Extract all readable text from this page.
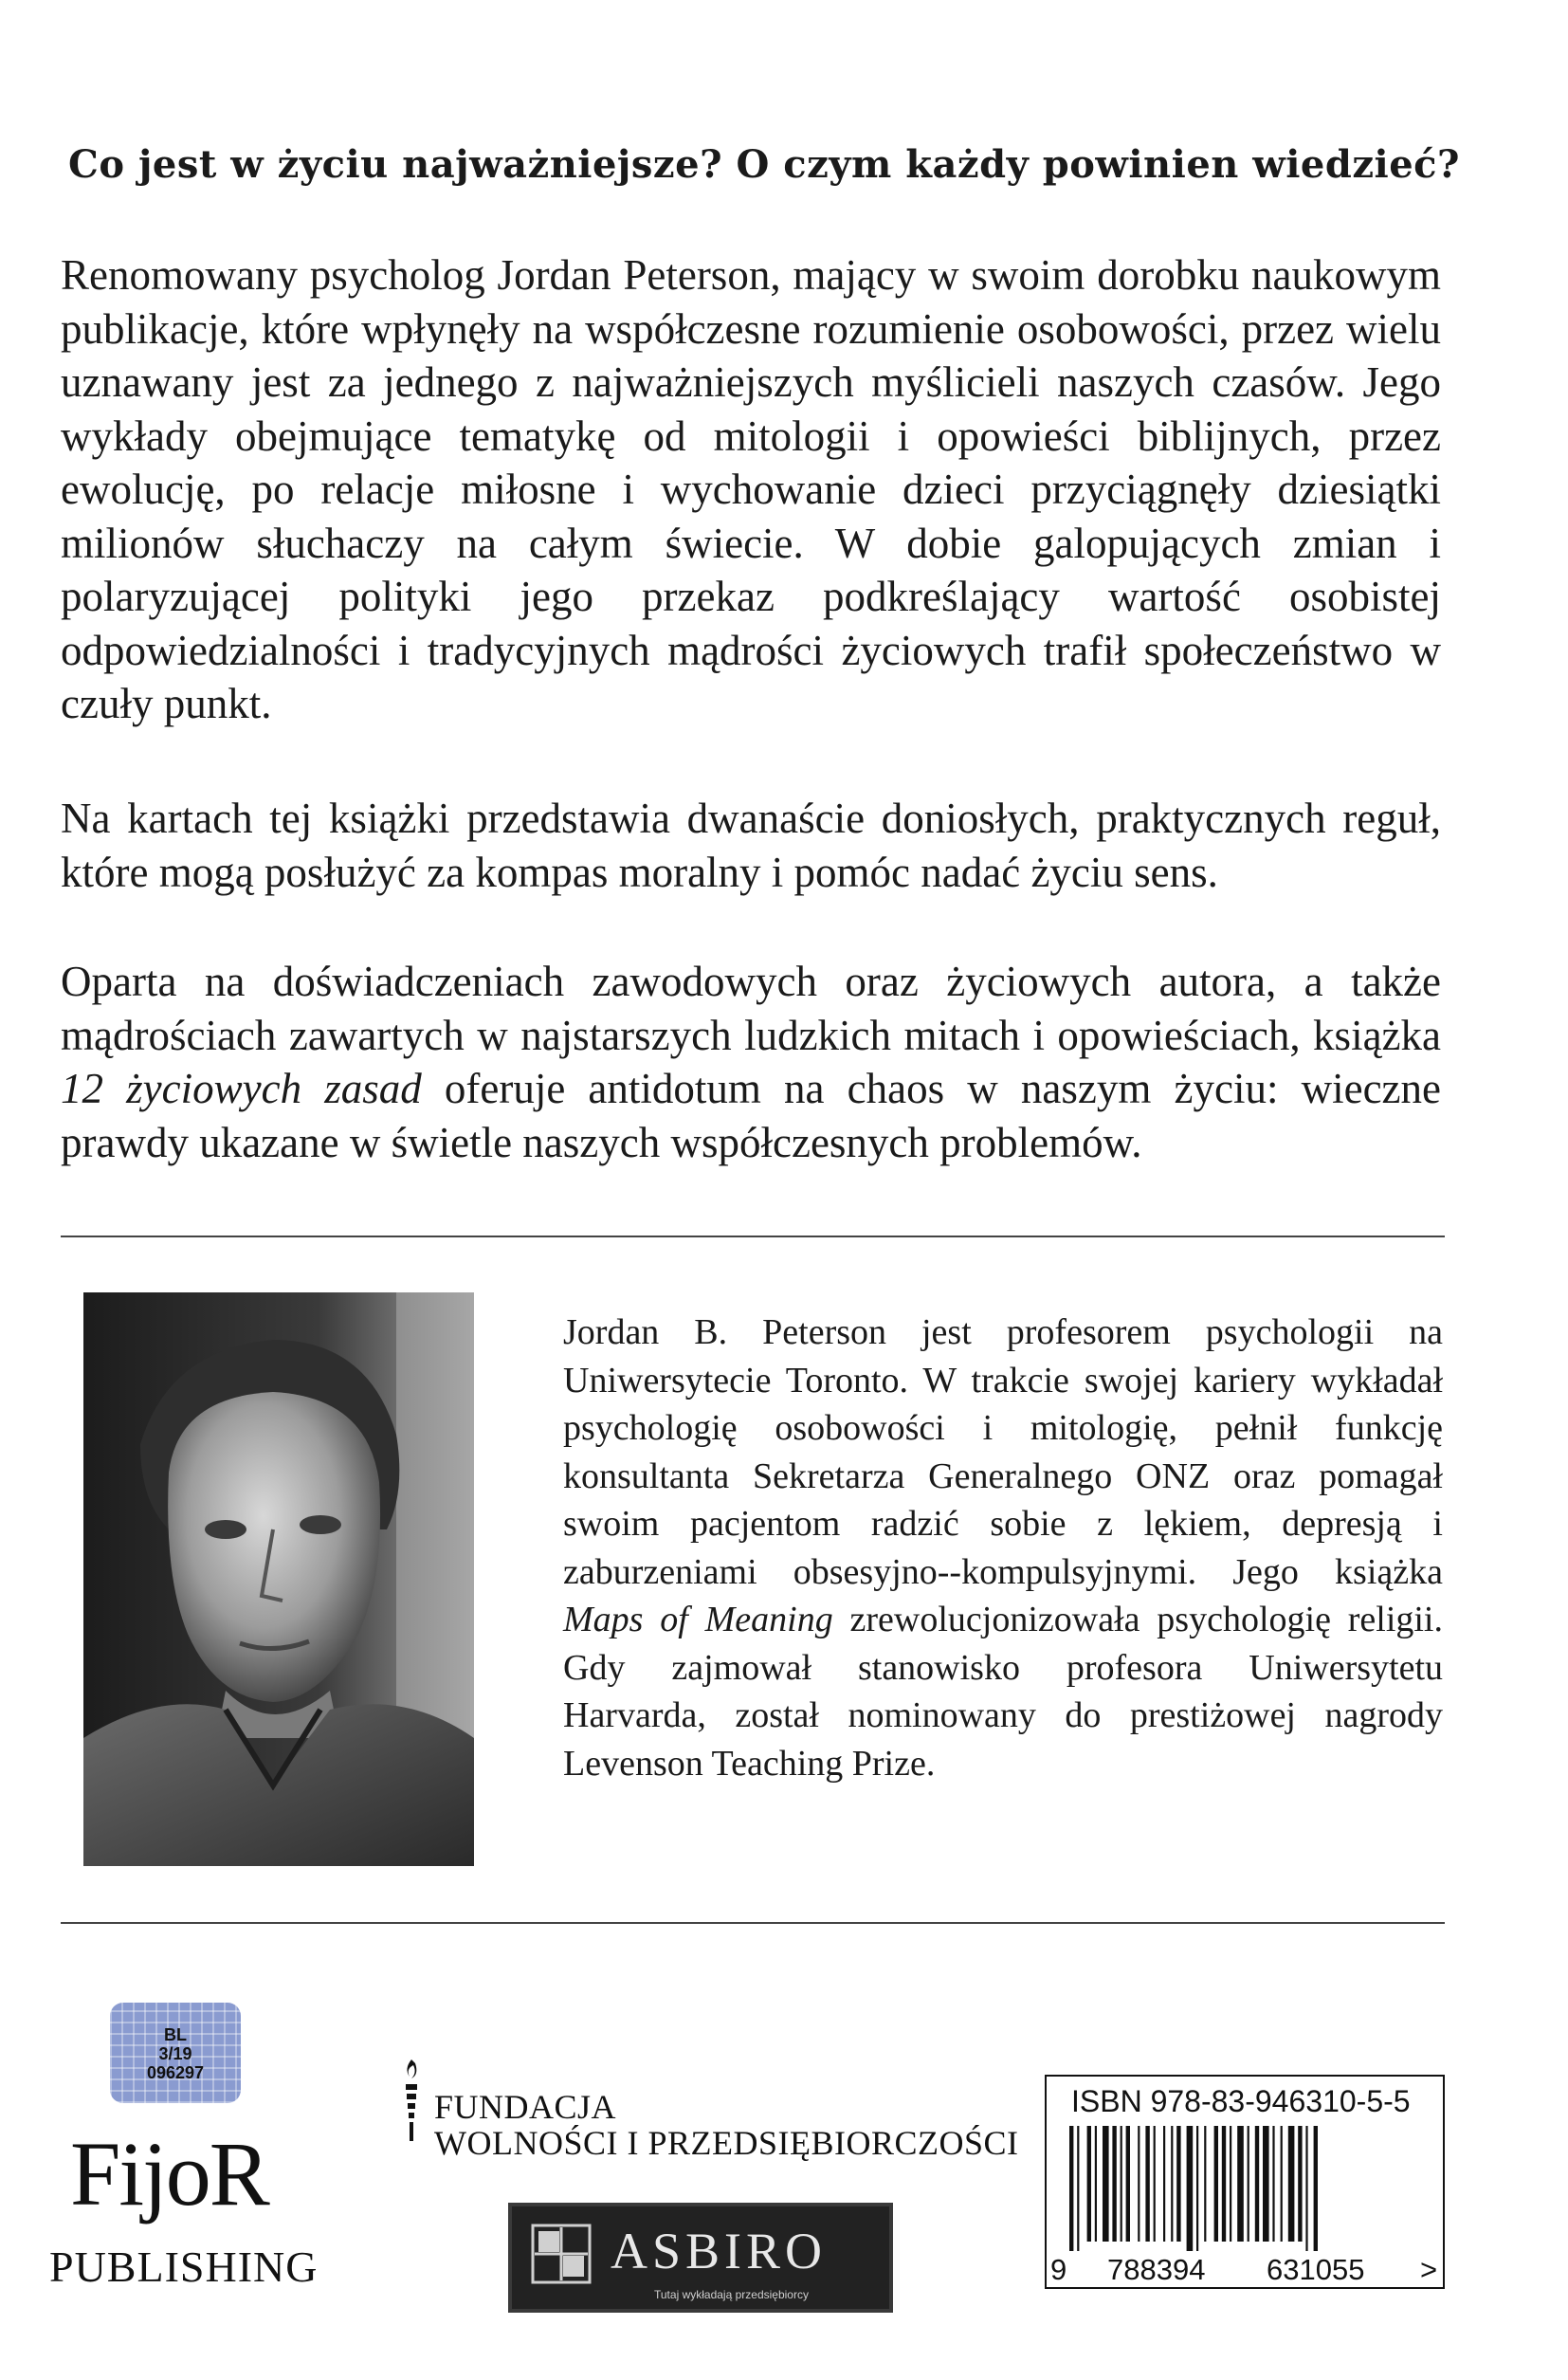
Co jest w życiu najważniejsze? O czym każdy powinien wiedzieć?

Renomowany psycholog Jordan Peterson, mający w swoim dorobku naukowym publikacje, które wpłynęły na współczesne rozumienie osobowości, przez wielu uznawany jest za jednego z najważniejszych myślicieli naszych czasów. Jego wykłady obejmujące tematykę od mitologii i opowieści biblijnych, przez ewolucję, po relacje miłosne i wychowanie dzieci przyciągnęły dziesiątki milionów słuchaczy na całym świecie. W dobie galopujących zmian i polaryzującej polityki jego przekaz podkreślający wartość osobistej odpowiedzialności i tradycyjnych mądrości życiowych trafił społeczeństwo w czuły punkt.

Na kartach tej książki przedstawia dwanaście doniosłych, praktycznych reguł, które mogą posłużyć za kompas moralny i pomóc nadać życiu sens.

Oparta na doświadczeniach zawodowych oraz życiowych autora, a także mądrościach zawartych w najstarszych ludzkich mitach i opowieściach, książka 12 życiowych zasad oferuje antidotum na chaos w naszym życiu: wieczne prawdy ukazane w świetle naszych współczesnych problemów.

Jordan B. Peterson jest profesorem psychologii na Uniwersytecie Toronto. W trakcie swojej kariery wykładał psychologię osobowości i mitologię, pełnił funkcję konsultanta Sekretarza Generalnego ONZ oraz pomagał swoim pacjentom radzić sobie z lękiem, depresją i zaburzeniami obsesyjno--kompulsyjnymi. Jego książka Maps of Meaning zrewolucjonizowała psychologię religii. Gdy zajmował stanowisko profesora Uniwersytetu Harvarda, został nominowany do prestiżowej nagrody Levenson Teaching Prize.

BL
3/19
096297
FijoR
PUBLISHING
FUNDACJA
WOLNOŚCI I PRZEDSIĘBIORCZOŚCI
ASBIRO
Tutaj wykładają przedsiębiorcy
ISBN 978-83-946310-5-5
9 788394 631055 >
